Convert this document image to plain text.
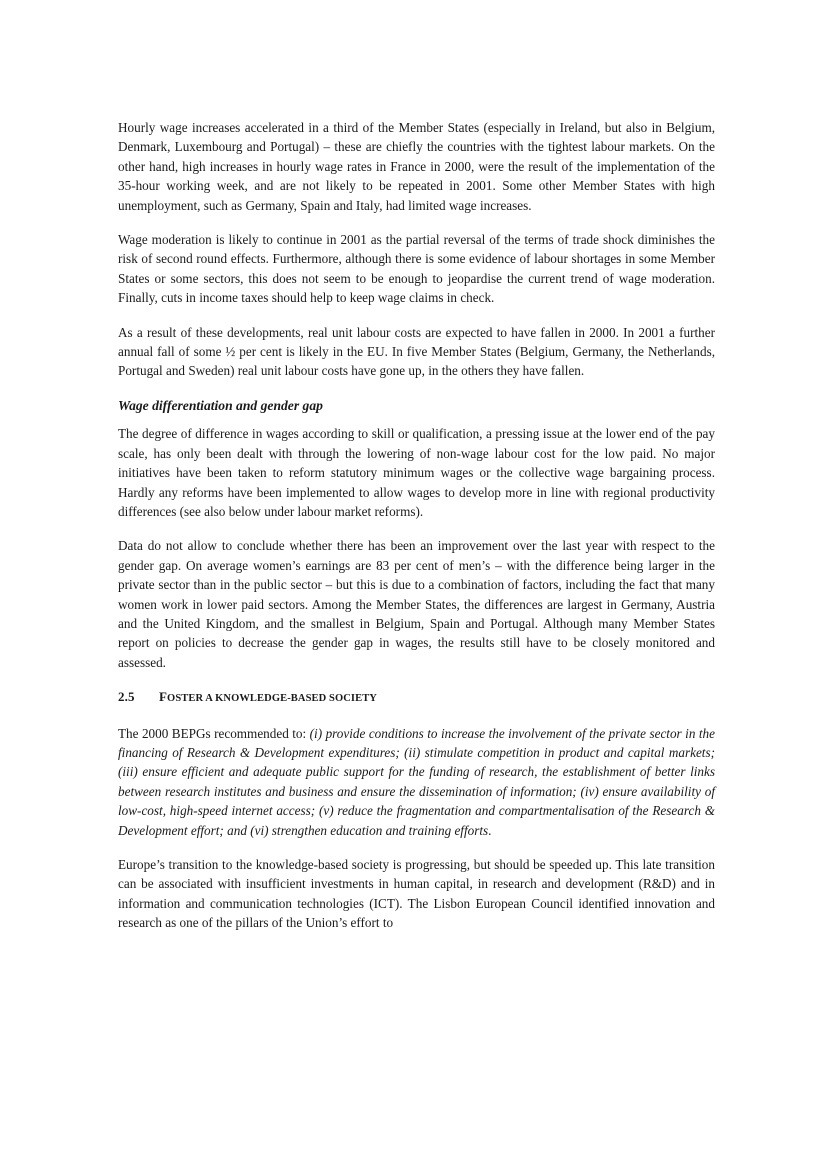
Hourly wage increases accelerated in a third of the Member States (especially in Ireland, but also in Belgium, Denmark, Luxembourg and Portugal) – these are chiefly the countries with the tightest labour markets. On the other hand, high increases in hourly wage rates in France in 2000, were the result of the implementation of the 35-hour working week, and are not likely to be repeated in 2001. Some other Member States with high unemployment, such as Germany, Spain and Italy, had limited wage increases.

Wage moderation is likely to continue in 2001 as the partial reversal of the terms of trade shock diminishes the risk of second round effects. Furthermore, although there is some evidence of labour shortages in some Member States or some sectors, this does not seem to be enough to jeopardise the current trend of wage moderation. Finally, cuts in income taxes should help to keep wage claims in check.

As a result of these developments, real unit labour costs are expected to have fallen in 2000. In 2001 a further annual fall of some ½ per cent is likely in the EU. In five Member States (Belgium, Germany, the Netherlands, Portugal and Sweden) real unit labour costs have gone up, in the others they have fallen.

Wage differentiation and gender gap

The degree of difference in wages according to skill or qualification, a pressing issue at the lower end of the pay scale, has only been dealt with through the lowering of non-wage labour cost for the low paid. No major initiatives have been taken to reform statutory minimum wages or the collective wage bargaining process. Hardly any reforms have been implemented to allow wages to develop more in line with regional productivity differences (see also below under labour market reforms).

Data do not allow to conclude whether there has been an improvement over the last year with respect to the gender gap. On average women’s earnings are 83 per cent of men’s – with the difference being larger in the private sector than in the public sector – but this is due to a combination of factors, including the fact that many women work in lower paid sectors. Among the Member States, the differences are largest in Germany, Austria and the United Kingdom, and the smallest in Belgium, Spain and Portugal. Although many Member States report on policies to decrease the gender gap in wages, the results still have to be closely monitored and assessed.

2.5	FOSTER A KNOWLEDGE-BASED SOCIETY

The 2000 BEPGs recommended to: (i) provide conditions to increase the involvement of the private sector in the financing of Research & Development expenditures; (ii) stimulate competition in product and capital markets; (iii) ensure efficient and adequate public support for the funding of research, the establishment of better links between research institutes and business and ensure the dissemination of information; (iv) ensure availability of low-cost, high-speed internet access; (v) reduce the fragmentation and compartmentalisation of the Research & Development effort; and (vi) strengthen education and training efforts.

Europe’s transition to the knowledge-based society is progressing, but should be speeded up. This late transition can be associated with insufficient investments in human capital, in research and development (R&D) and in information and communication technologies (ICT). The Lisbon European Council identified innovation and research as one of the pillars of the Union’s effort to
